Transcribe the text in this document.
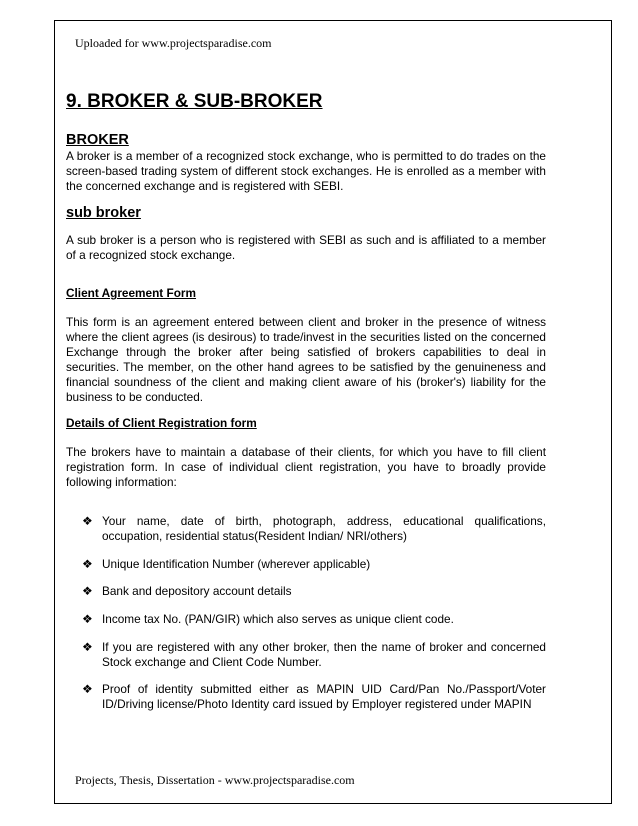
Uploaded for www.projectsparadise.com
9. BROKER & SUB-BROKER
BROKER
A broker is a member of a recognized stock exchange, who is permitted to do trades on the screen-based trading system of different stock exchanges. He is enrolled as a member with the concerned exchange and is registered with SEBI.
sub broker
A sub broker is a person who is registered with SEBI as such and is affiliated to a member of a recognized stock exchange.
Client Agreement Form
This form is an agreement entered between client and broker in the presence of witness where the client agrees (is desirous) to trade/invest in the securities listed on the concerned Exchange through the broker after being satisfied of brokers capabilities to deal in securities. The member, on the other hand agrees to be satisfied by the genuineness and financial soundness of the client and making client aware of his (broker's) liability for the business to be conducted.
Details of Client Registration form
The brokers have to maintain a database of their clients, for which you have to fill client registration form. In case of individual client registration, you have to broadly provide following information:
❖ Your name, date of birth, photograph, address, educational qualifications, occupation, residential status(Resident Indian/ NRI/others)
❖ Unique Identification Number (wherever applicable)
❖ Bank and depository account details
❖ Income tax No. (PAN/GIR) which also serves as unique client code.
❖ If you are registered with any other broker, then the name of broker and concerned Stock exchange and Client Code Number.
❖ Proof of identity submitted either as MAPIN UID Card/Pan No./Passport/Voter ID/Driving license/Photo Identity card issued by Employer registered under MAPIN
Projects, Thesis, Dissertation - www.projectsparadise.com
